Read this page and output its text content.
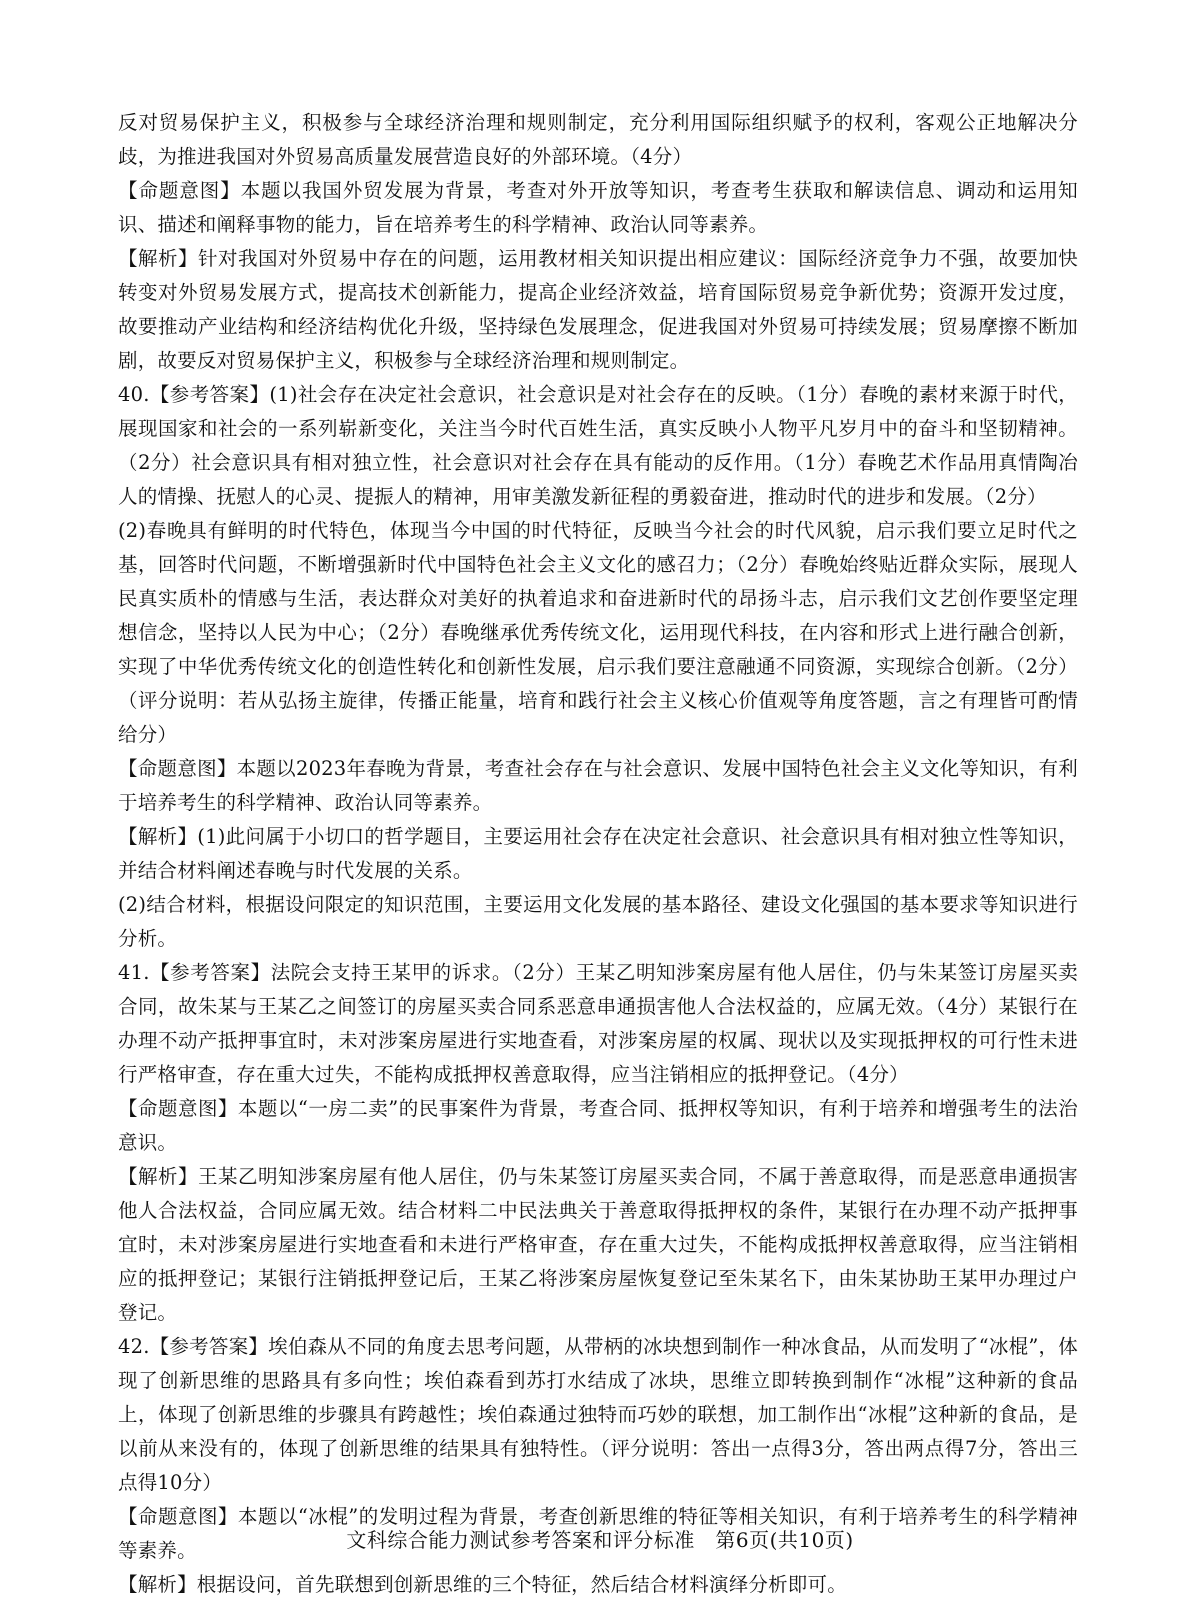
反对贸易保护主义，积极参与全球经济治理和规则制定，充分利用国际组织赋予的权利，客观公正地解决分歧，为推进我国对外贸易高质量发展营造良好的外部环境。（4分）

【命题意图】本题以我国外贸发展为背景，考查对外开放等知识，考查考生获取和解读信息、调动和运用知识、描述和阐释事物的能力，旨在培养考生的科学精神、政治认同等素养。

【解析】针对我国对外贸易中存在的问题，运用教材相关知识提出相应建议：国际经济竞争力不强，故要加快转变对外贸易发展方式，提高技术创新能力，提高企业经济效益，培育国际贸易竞争新优势；资源开发过度，故要推动产业结构和经济结构优化升级，坚持绿色发展理念，促进我国对外贸易可持续发展；贸易摩擦不断加剧，故要反对贸易保护主义，积极参与全球经济治理和规则制定。

40.【参考答案】(1)社会存在决定社会意识，社会意识是对社会存在的反映。（1分）春晚的素材来源于时代，展现国家和社会的一系列崭新变化，关注当今时代百姓生活，真实反映小人物平凡岁月中的奋斗和坚韧精神。（2分）社会意识具有相对独立性，社会意识对社会存在具有能动的反作用。（1分）春晚艺术作品用真情陶冶人的情操、抚慰人的心灵、提振人的精神，用审美激发新征程的勇毅奋进，推动时代的进步和发展。（2分）

(2)春晚具有鲜明的时代特色，体现当今中国的时代特征，反映当今社会的时代风貌，启示我们要立足时代之基，回答时代问题，不断增强新时代中国特色社会主义文化的感召力；（2分）春晚始终贴近群众实际，展现人民真实质朴的情感与生活，表达群众对美好的执着追求和奋进新时代的昂扬斗志，启示我们文艺创作要坚定理想信念，坚持以人民为中心；（2分）春晚继承优秀传统文化，运用现代科技，在内容和形式上进行融合创新，实现了中华优秀传统文化的创造性转化和创新性发展，启示我们要注意融通不同资源，实现综合创新。（2分）（评分说明：若从弘扬主旋律，传播正能量，培育和践行社会主义核心价值观等角度答题，言之有理皆可酌情给分）

【命题意图】本题以2023年春晚为背景，考查社会存在与社会意识、发展中国特色社会主义文化等知识，有利于培养考生的科学精神、政治认同等素养。

【解析】(1)此问属于小切口的哲学题目，主要运用社会存在决定社会意识、社会意识具有相对独立性等知识，并结合材料阐述春晚与时代发展的关系。

(2)结合材料，根据设问限定的知识范围，主要运用文化发展的基本路径、建设文化强国的基本要求等知识进行分析。

41.【参考答案】法院会支持王某甲的诉求。（2分）王某乙明知涉案房屋有他人居住，仍与朱某签订房屋买卖合同，故朱某与王某乙之间签订的房屋买卖合同系恶意串通损害他人合法权益的，应属无效。（4分）某银行在办理不动产抵押事宜时，未对涉案房屋进行实地查看，对涉案房屋的权属、现状以及实现抵押权的可行性未进行严格审查，存在重大过失，不能构成抵押权善意取得，应当注销相应的抵押登记。（4分）

【命题意图】本题以“一房二卖”的民事案件为背景，考查合同、抵押权等知识，有利于培养和增强考生的法治意识。

【解析】王某乙明知涉案房屋有他人居住，仍与朱某签订房屋买卖合同，不属于善意取得，而是恶意串通损害他人合法权益，合同应属无效。结合材料二中民法典关于善意取得抵押权的条件，某银行在办理不动产抵押事宜时，未对涉案房屋进行实地查看和未进行严格审查，存在重大过失，不能构成抵押权善意取得，应当注销相应的抵押登记；某银行注销抵押登记后，王某乙将涉案房屋恢复登记至朱某名下，由朱某协助王某甲办理过户登记。

42.【参考答案】埃伯森从不同的角度去思考问题，从带柄的冰块想到制作一种冰食品，从而发明了“冰棍”，体现了创新思维的思路具有多向性；埃伯森看到苏打水结成了冰块，思维立即转换到制作“冰棍”这种新的食品上，体现了创新思维的步骤具有跨越性；埃伯森通过独特而巧妙的联想，加工制作出“冰棍”这种新的食品，是以前从来没有的，体现了创新思维的结果具有独特性。（评分说明：答出一点得3分，答出两点得7分，答出三点得10分）

【命题意图】本题以“冰棍”的发明过程为背景，考查创新思维的特征等相关知识，有利于培养考生的科学精神等素养。

【解析】根据设问，首先联想到创新思维的三个特征，然后结合材料演绎分析即可。

文科综合能力测试参考答案和评分标准　第6页(共10页)
